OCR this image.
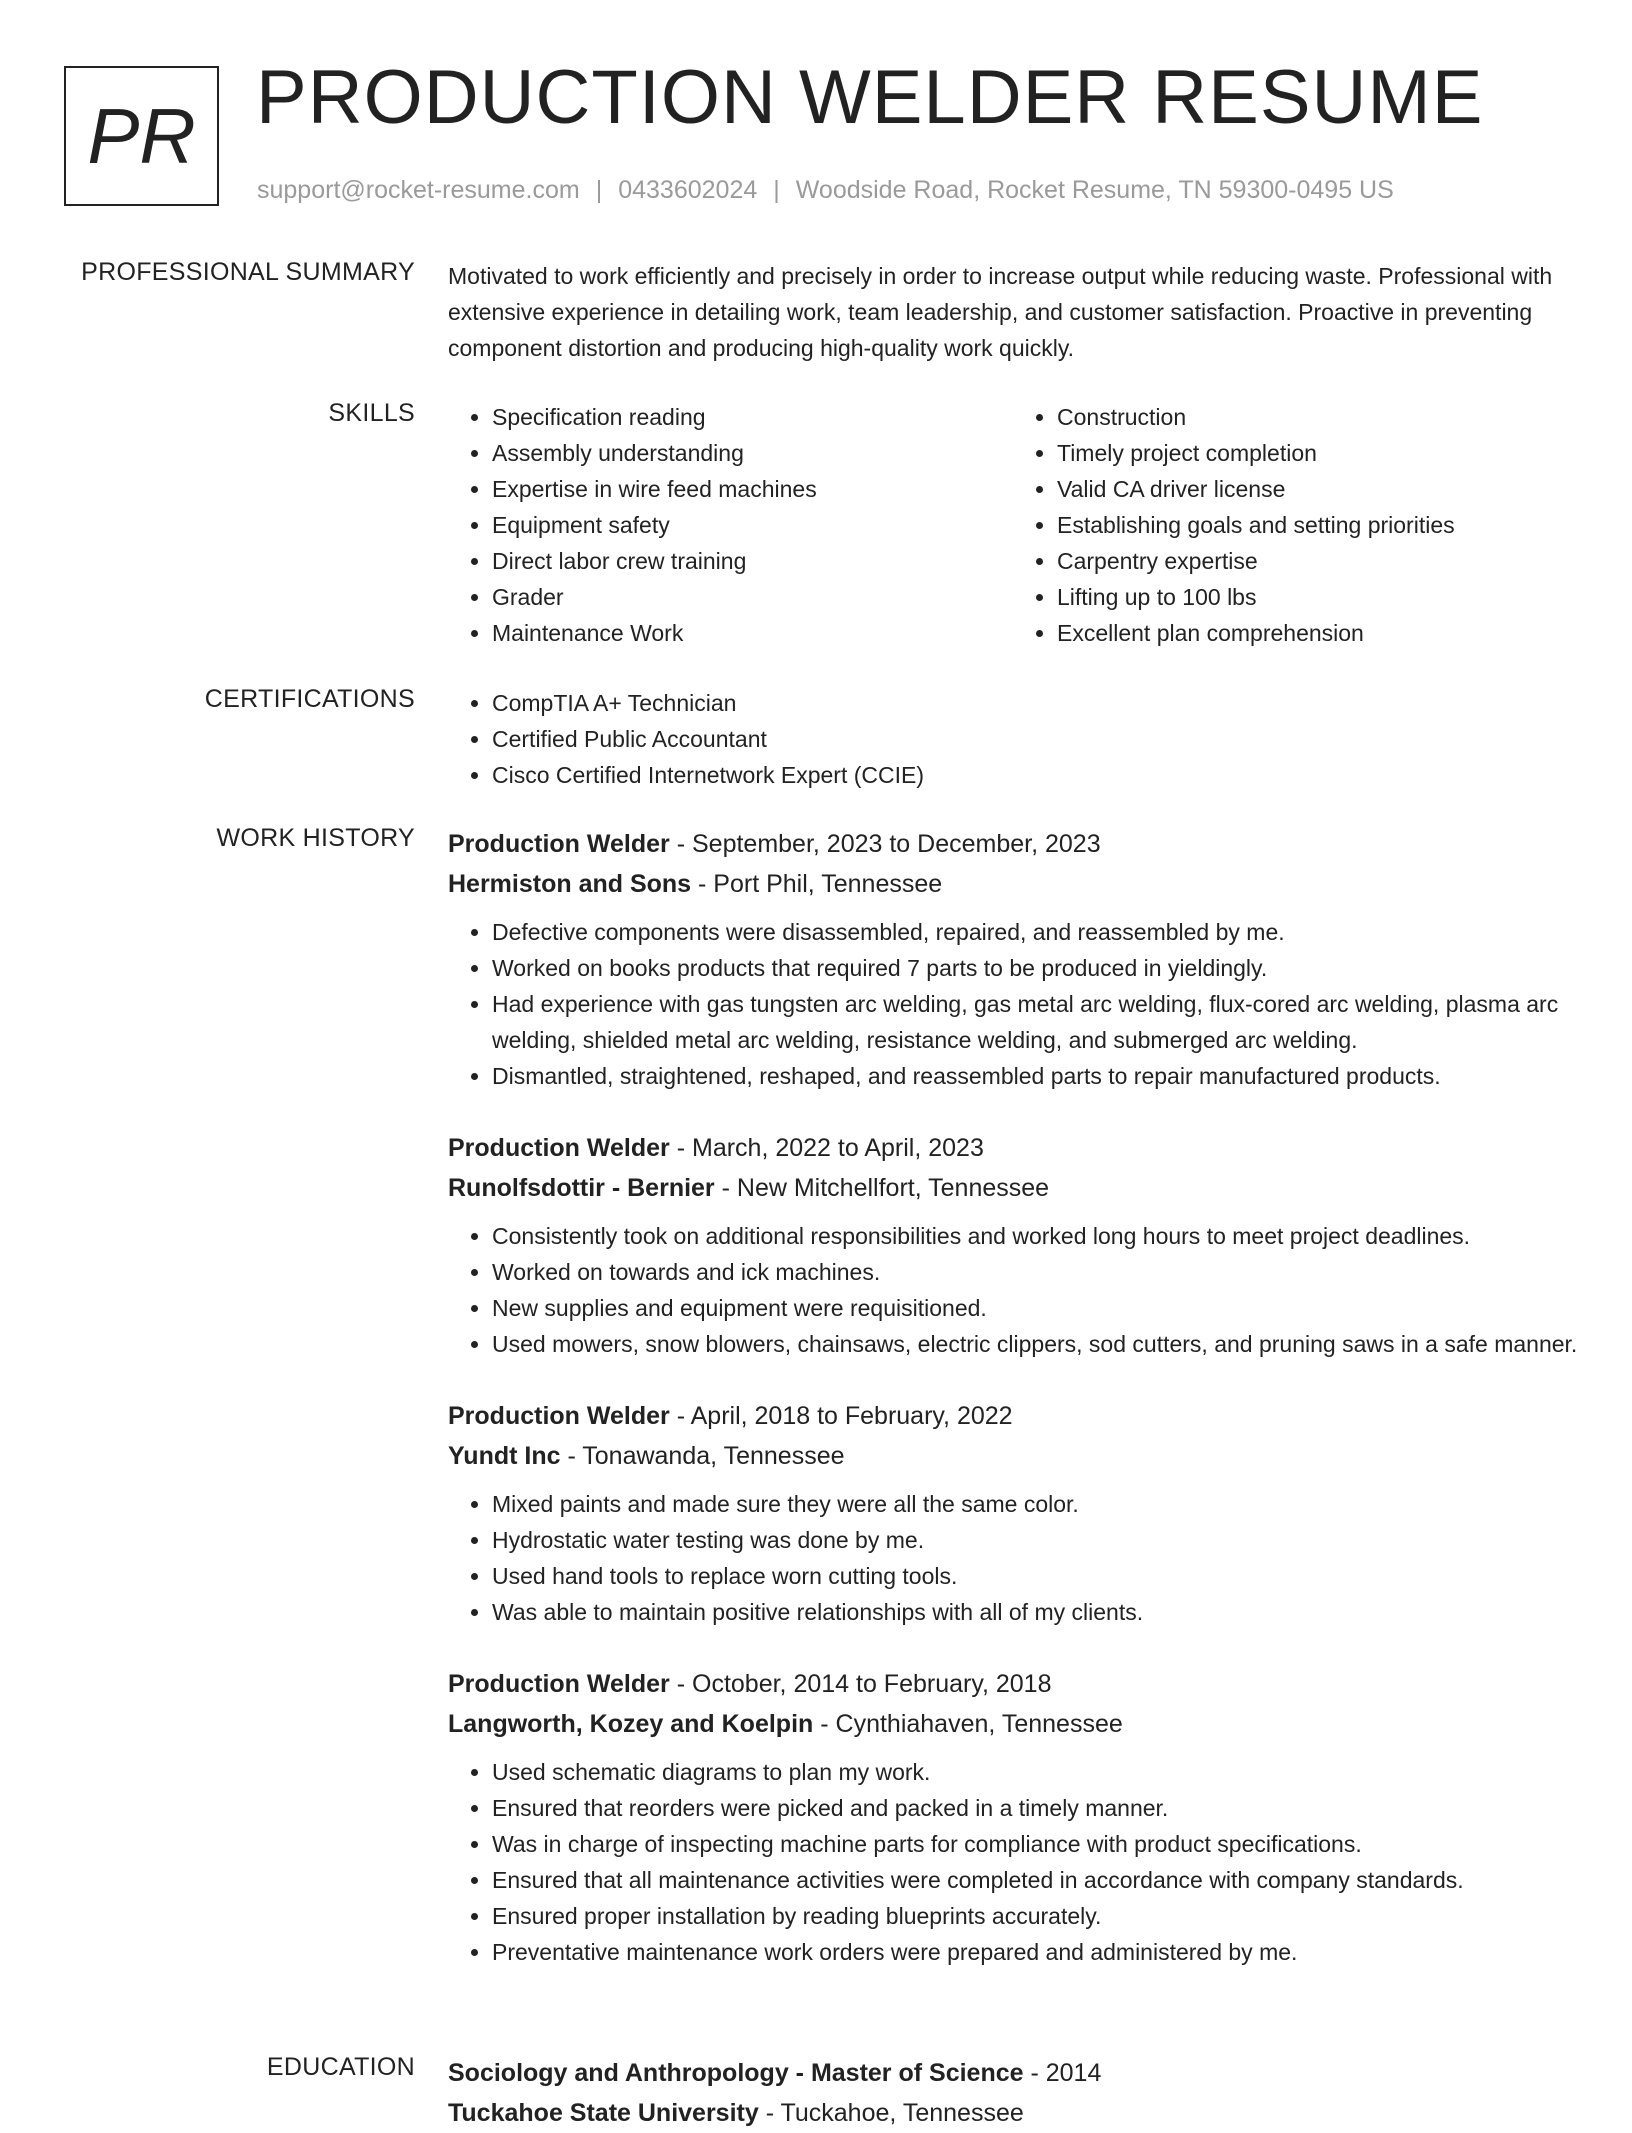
PR PRODUCTION WELDER RESUME
support@rocket-resume.com | 0433602024 | Woodside Road, Rocket Resume, TN 59300-0495 US
PROFESSIONAL SUMMARY Motivated to work efficiently and precisely in order to increase output while reducing waste. Professional with extensive experience in detailing work, team leadership, and customer satisfaction. Proactive in preventing component distortion and producing high-quality work quickly.
SKILLS	• Specification reading
• Assembly understanding
• Expertise in wire feed machines
• Equipment safety
• Direct labor crew training
• Grader
• Maintenance Work
• Construction
• Timely project completion
• Valid CA driver license
• Establishing goals and setting priorities
• Carpentry expertise
• Lifting up to 100 lbs
• Excellent plan comprehension
CERTIFICATIONS	• CompTIA A+ Technician
• Certified Public Accountant
• Cisco Certified Internetwork Expert (CCIE)
WORK HISTORY Production Welder - September, 2023 to December, 2023
Hermiston and Sons - Port Phil, Tennessee
• Defective components were disassembled, repaired, and reassembled by me.
• Worked on books products that required 7 parts to be produced in yieldingly.
• Had experience with gas tungsten arc welding, gas metal arc welding, flux-cored arc welding, plasma arc welding, shielded metal arc welding, resistance welding, and submerged arc welding.
• Dismantled, straightened, reshaped, and reassembled parts to repair manufactured products.
Production Welder - March, 2022 to April, 2023
Runolfsdottir - Bernier - New Mitchellfort, Tennessee
• Consistently took on additional responsibilities and worked long hours to meet project deadlines.
• Worked on towards and ick machines.
• New supplies and equipment were requisitioned.
• Used mowers, snow blowers, chainsaws, electric clippers, sod cutters, and pruning saws in a safe manner.
Production Welder - April, 2018 to February, 2022
Yundt Inc - Tonawanda, Tennessee
• Mixed paints and made sure they were all the same color.
• Hydrostatic water testing was done by me.
• Used hand tools to replace worn cutting tools.
• Was able to maintain positive relationships with all of my clients.
Production Welder - October, 2014 to February, 2018
Langworth, Kozey and Koelpin - Cynthiahaven, Tennessee
• Used schematic diagrams to plan my work.
• Ensured that reorders were picked and packed in a timely manner.
• Was in charge of inspecting machine parts for compliance with product specifications.
• Ensured that all maintenance activities were completed in accordance with company standards.
• Ensured proper installation by reading blueprints accurately.
• Preventative maintenance work orders were prepared and administered by me.
EDUCATION Sociology and Anthropology - Master of Science - 2014
Tuckahoe State University - Tuckahoe, Tennessee
